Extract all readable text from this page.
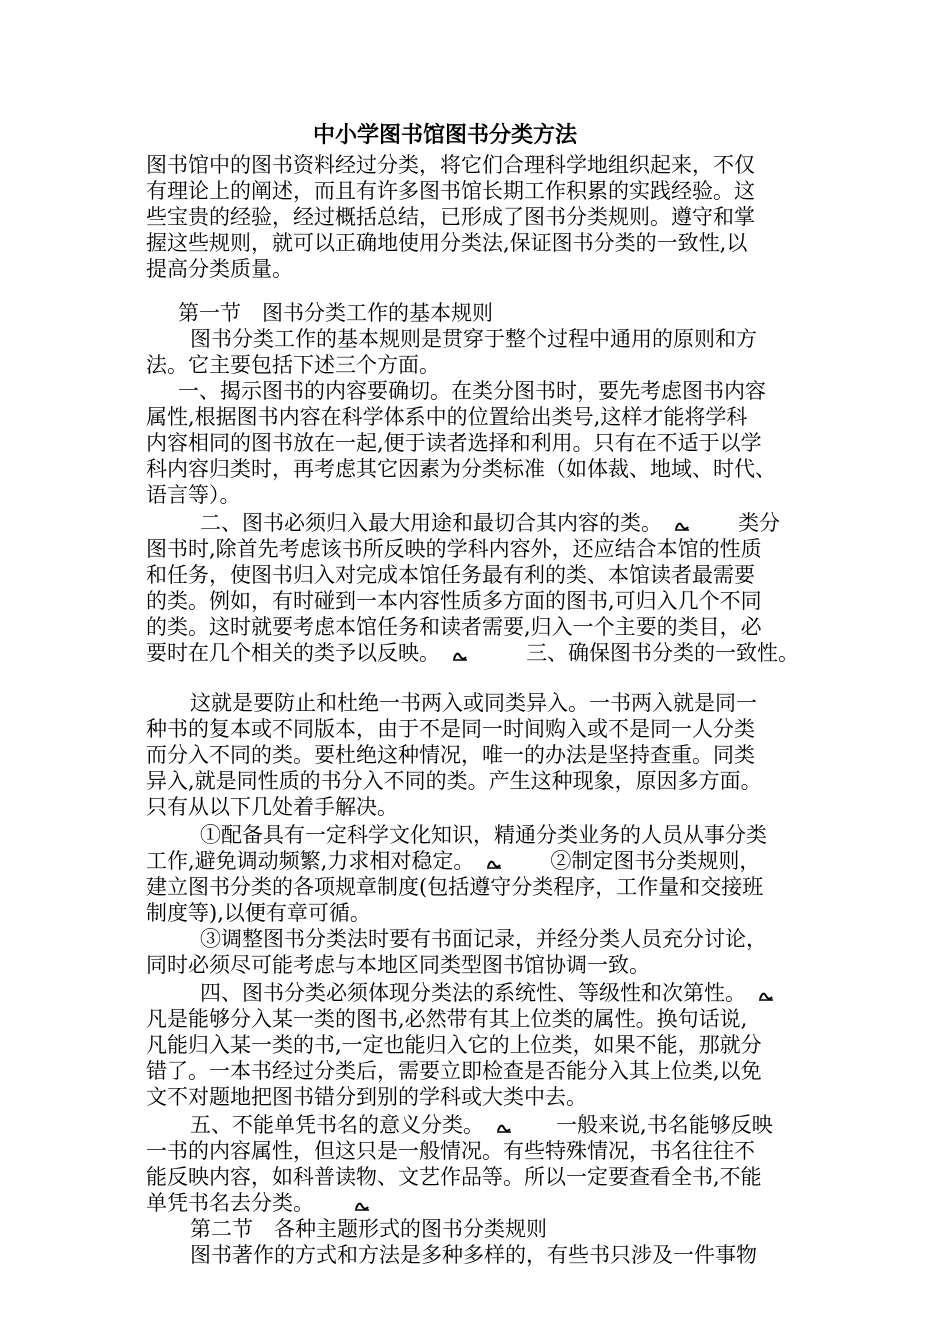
中小学图书馆图书分类方法
图书馆中的图书资料经过分类，将它们合理科学地组织起来，不仅
有理论上的阐述，而且有许多图书馆长期工作积累的实践经验。这
些宝贵的经验，经过概括总结，已形成了图书分类规则。遵守和掌
握这些规则，就可以正确地使用分类法,保证图书分类的一致性,以
提高分类质量。
第一节　图书分类工作的基本规则
图书分类工作的基本规则是贯穿于整个过程中通用的原则和方
法。它主要包括下述三个方面。
一、揭示图书的内容要确切。在类分图书时，要先考虑图书内容
属性,根据图书内容在科学体系中的位置给出类号,这样才能将学科
内容相同的图书放在一起,便于读者选择和利用。只有在不适于以学
科内容归类时，再考虑其它因素为分类标准（如体裁、地域、时代、
语言等）。
二、图书必须归入最大用途和最切合其内容的类。	类分
图书时,除首先考虑该书所反映的学科内容外，还应结合本馆的性质
和任务，使图书归入对完成本馆任务最有利的类、本馆读者最需要
的类。例如，有时碰到一本内容性质多方面的图书,可归入几个不同
的类。这时就要考虑本馆任务和读者需要,归入一个主要的类目，必
要时在几个相关的类予以反映。	三、确保图书分类的一致性。
这就是要防止和杜绝一书两入或同类异入。一书两入就是同一
种书的复本或不同版本，由于不是同一时间购入或不是同一人分类
而分入不同的类。要杜绝这种情况，唯一的办法是坚持查重。同类
异入,就是同性质的书分入不同的类。产生这种现象，原因多方面。
只有从以下几处着手解决。
①配备具有一定科学文化知识，精通分类业务的人员从事分类
工作,避免调动频繁,力求相对稳定。	②制定图书分类规则，
建立图书分类的各项规章制度(包括遵守分类程序，工作量和交接班
制度等),以便有章可循。
③调整图书分类法时要有书面记录，并经分类人员充分讨论，
同时必须尽可能考虑与本地区同类型图书馆协调一致。
四、图书分类必须体现分类法的系统性、等级性和次第性。
凡是能够分入某一类的图书,必然带有其上位类的属性。换句话说,
凡能归入某一类的书,一定也能归入它的上位类，如果不能，那就分
错了。一本书经过分类后，需要立即检查是否能分入其上位类,以免
文不对题地把图书错分到别的学科或大类中去。
五、不能单凭书名的意义分类。	一般来说,书名能够反映
一书的内容属性，但这只是一般情况。有些特殊情况，书名往往不
能反映内容，如科普读物、文艺作品等。所以一定要查看全书,不能
单凭书名去分类。
第二节　各种主题形式的图书分类规则
图书著作的方式和方法是多种多样的，有些书只涉及一件事物
